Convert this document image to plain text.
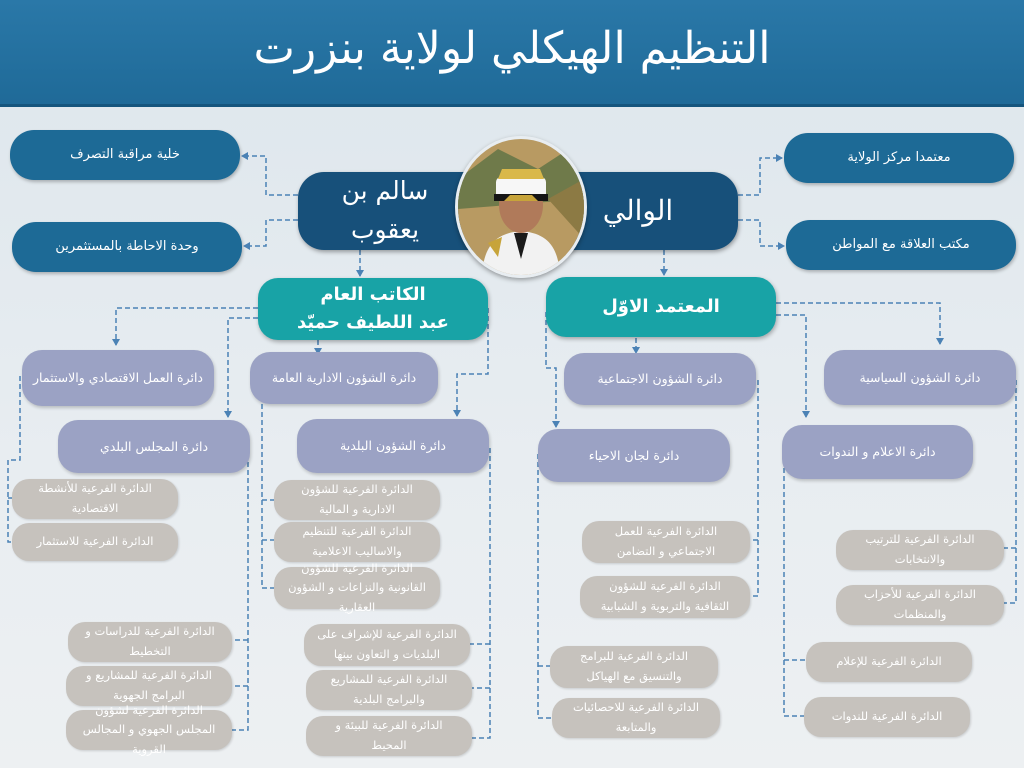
التنظيم الهيكلي لولاية بنزرت
خلية مراقبة التصرف
وحدة الاحاطة بالمستثمرين
معتمدا مركز الولاية
مكتب العلاقة مع المواطن
سالم بن يعقوب
الوالي
الكاتب العام
عبد اللطيف حميّد
المعتمد الاوّل
دائرة الشؤون السياسية
دائرة الاعلام و الندوات
دائرة الشؤون الاجتماعية
دائرة لجان الاحياء
دائرة الشؤون الادارية العامة
دائرة الشؤون البلدية
دائرة العمل الاقتصادي والاستثمار
دائرة المجلس البلدي
الدائرة الفرعية للترتيب والانتخابات
الدائرة الفرعية للأحزاب والمنظمات
الدائرة الفرعية للإعلام
الدائرة الفرعية للندوات
الدائرة الفرعية للعمل الاجتماعي و التضامن
الدائرة الفرعية للشؤون الثقافية والتربوية و الشبابية
الدائرة الفرعية للبرامج والتنسيق مع الهياكل
الدائرة الفرعية للاحصائيات والمتابعة
الدائرة الفرعية للشؤون الادارية و المالية
الدائرة الفرعية للتنظيم والاساليب الاعلامية
الدائرة الفرعية للشؤون القانونية والنزاعات و الشؤون العقارية
الدائرة الفرعية للإشراف على البلديات و التعاون بينها
الدائرة الفرعية للمشاريع والبرامج البلدية
الدائرة الفرعية للبيئة و المحيط
الدائرة الفرعية للأنشطة الاقتصادية
الدائرة الفرعية للاستثمار
الدائرة الفرعية للدراسات و التخطيط
الدائرة الفرعية للمشاريع و البرامج الجهوية
الدائرة الفرعية لشؤون المجلس الجهوي و المجالس القروية
